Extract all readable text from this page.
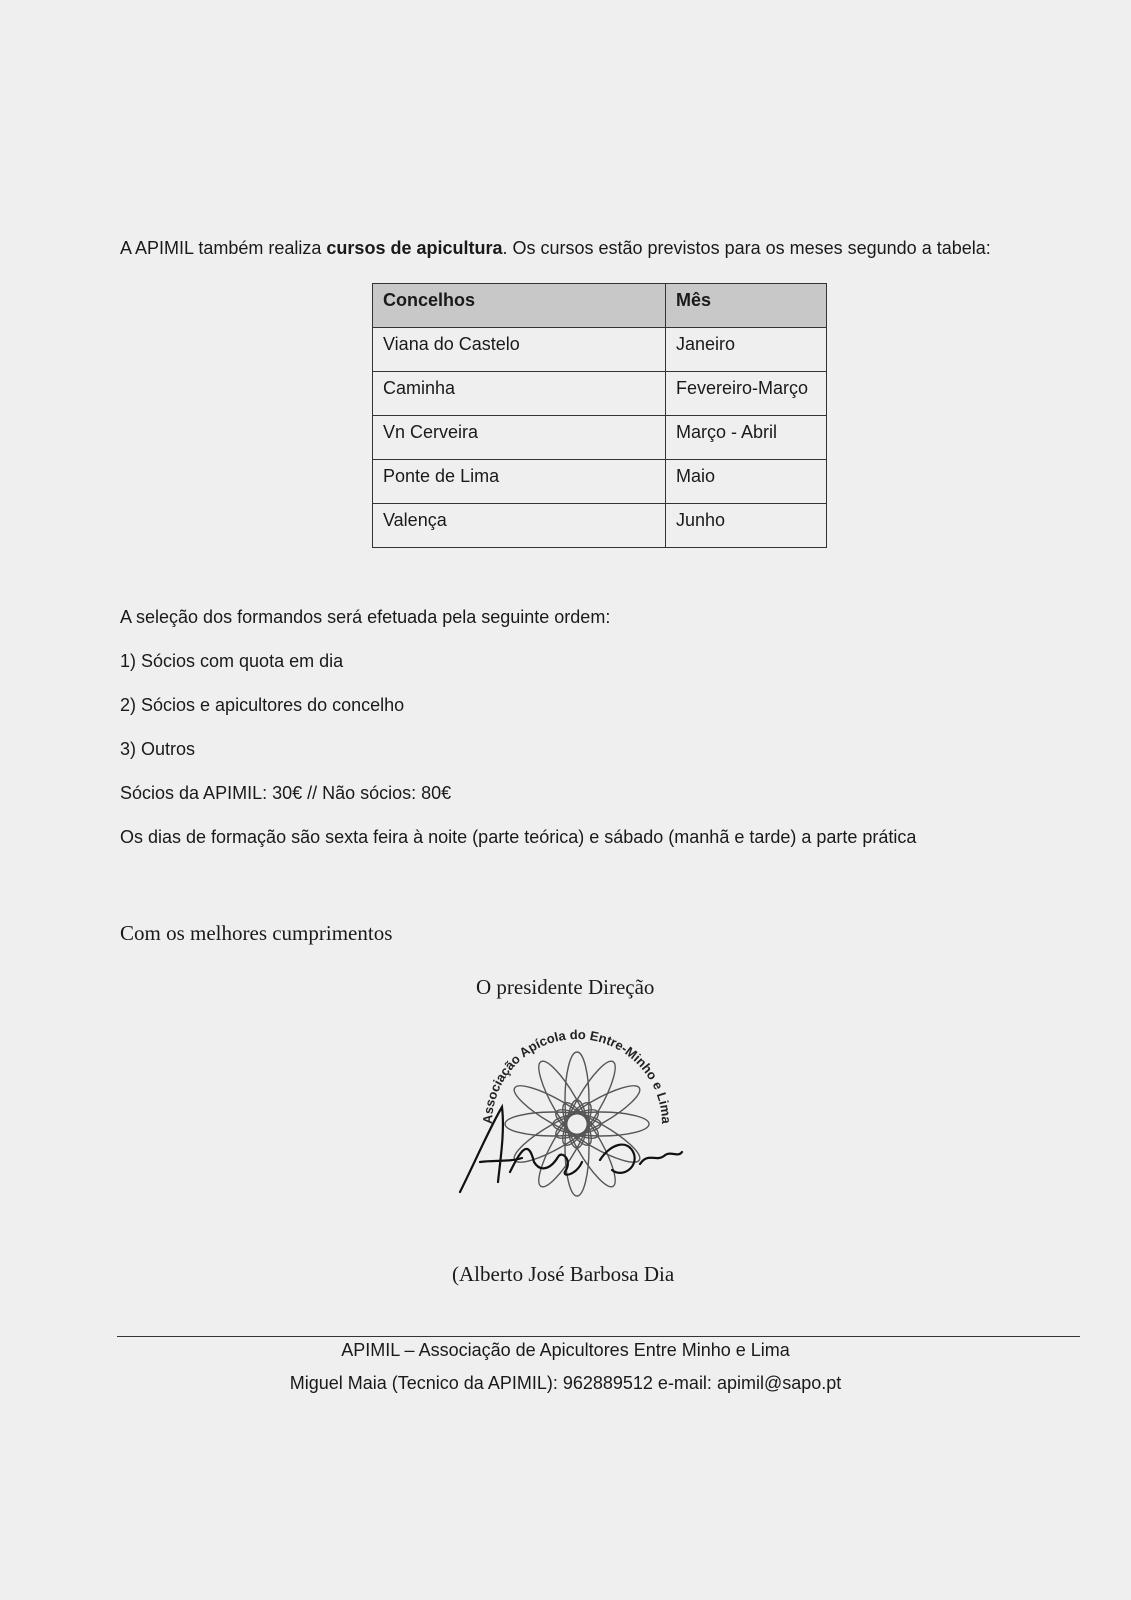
A APIMIL também realiza cursos de apicultura. Os cursos estão previstos para os meses segundo a tabela:
Concelhos	Mês
Viana do Castelo	Janeiro
Caminha	Fevereiro-Março
Vn Cerveira	Março - Abril
Ponte de Lima	Maio
Valença	Junho
A seleção dos formandos será efetuada pela seguinte ordem:
1) Sócios com quota em dia
2) Sócios e apicultores do concelho
3) Outros
Sócios da APIMIL: 30€ // Não sócios: 80€
Os dias de formação são sexta feira à noite (parte teórica) e sábado (manhã e tarde) a parte prática
Com os melhores cumprimentos
O presidente Direção
Associação Apícola do Entre-Minho e Lima
(Alberto José Barbosa Dia
APIMIL – Associação de Apicultores Entre Minho e Lima
Miguel Maia (Tecnico da APIMIL): 962889512 e-mail: apimil@sapo.pt
